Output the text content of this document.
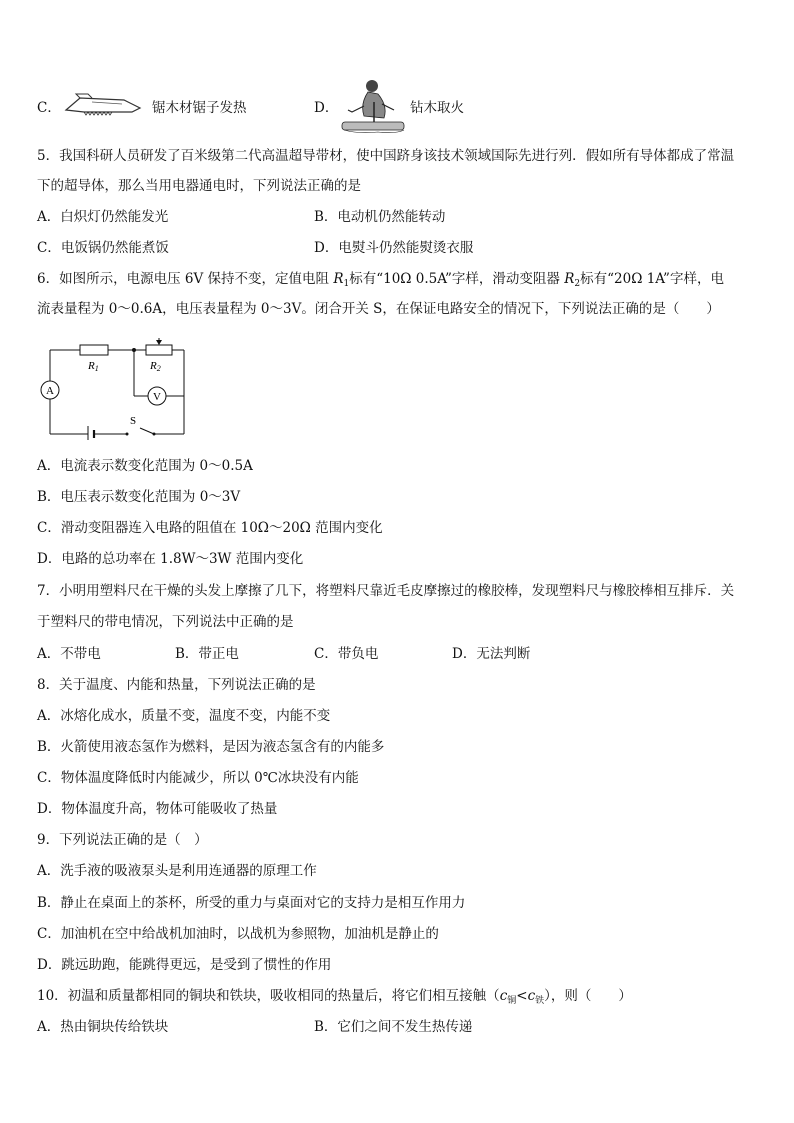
C．	锯木材锯子发热	D．	钻木取火
5．我国科研人员研发了百米级第二代高温超导带材，使中国跻身该技术领域国际先进行列．假如所有导体都成了常温
下的超导体，那么当用电器通电时，下列说法正确的是
A．白炽灯仍然能发光	B．电动机仍然能转动
C．电饭锅仍然能煮饭	D．电熨斗仍然能熨烫衣服
6．如图所示，电源电压 6V 保持不变，定值电阻 $R_1$标有“10Ω 0.5A”字样，滑动变阻器 $R_2$标有“20Ω 1A”字样，电
流表量程为 0～0.6A，电压表量程为 0～3V。闭合开关 S，在保证电路安全的情况下，下列说法正确的是（　　）
R1	R2
A	V
S
A．电流表示数变化范围为 0～0.5A
B．电压表示数变化范围为 0～3V
C．滑动变阻器连入电路的阻值在 10Ω～20Ω 范围内变化
D．电路的总功率在 1.8W～3W 范围内变化
7．小明用塑料尺在干燥的头发上摩擦了几下，将塑料尺靠近毛皮摩擦过的橡胶棒，发现塑料尺与橡胶棒相互排斥．关
于塑料尺的带电情况，下列说法中正确的是
A．不带电	B．带正电	C．带负电	D．无法判断
8．关于温度、内能和热量，下列说法正确的是
A．冰熔化成水，质量不变，温度不变，内能不变
B．火箭使用液态氢作为燃料，是因为液态氢含有的内能多
C．物体温度降低时内能减少，所以 0℃冰块没有内能
D．物体温度升高，物体可能吸收了热量
9．下列说法正确的是（　）
A．洗手液的吸液泵头是利用连通器的原理工作
B．静止在桌面上的茶杯，所受的重力与桌面对它的支持力是相互作用力
C．加油机在空中给战机加油时，以战机为参照物，加油机是静止的
D．跳远助跑，能跳得更远，是受到了惯性的作用
10．初温和质量都相同的铜块和铁块，吸收相同的热量后，将它们相互接触$(c_铜<c_铁)$，则（　　）
A．热由铜块传给铁块	B．它们之间不发生热传递
